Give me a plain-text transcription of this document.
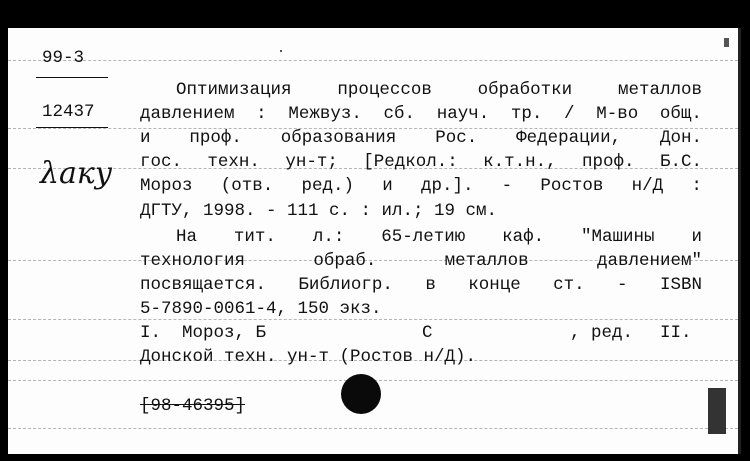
99-3
12437
λаку
Оптимизация	процессов	обработки	металлов
давлением : Межвуз. сб. науч. тр. / М-во общ.
и проф. образования Рос. Федерации, Дон.
гос. техн. ун-т; [Редкол.: к.т.н., проф. Б.С.
Мороз (отв. ред.) и др.]. - Ростов н/Д :
ДГТУ, 1998. - 111 с. : ил.; 19 см.
На тит. л.: 65-летию каф. "Машины и
технология	обраб.	металлов	давлением"
посвящается. Библиогр. в конце ст. - ISBN
5-7890-0061-4, 150 экз.
I. Мороз, Б	С	, ред. II.
Донской техн. ун-т (Ростов н/Д).
[98-46395]
